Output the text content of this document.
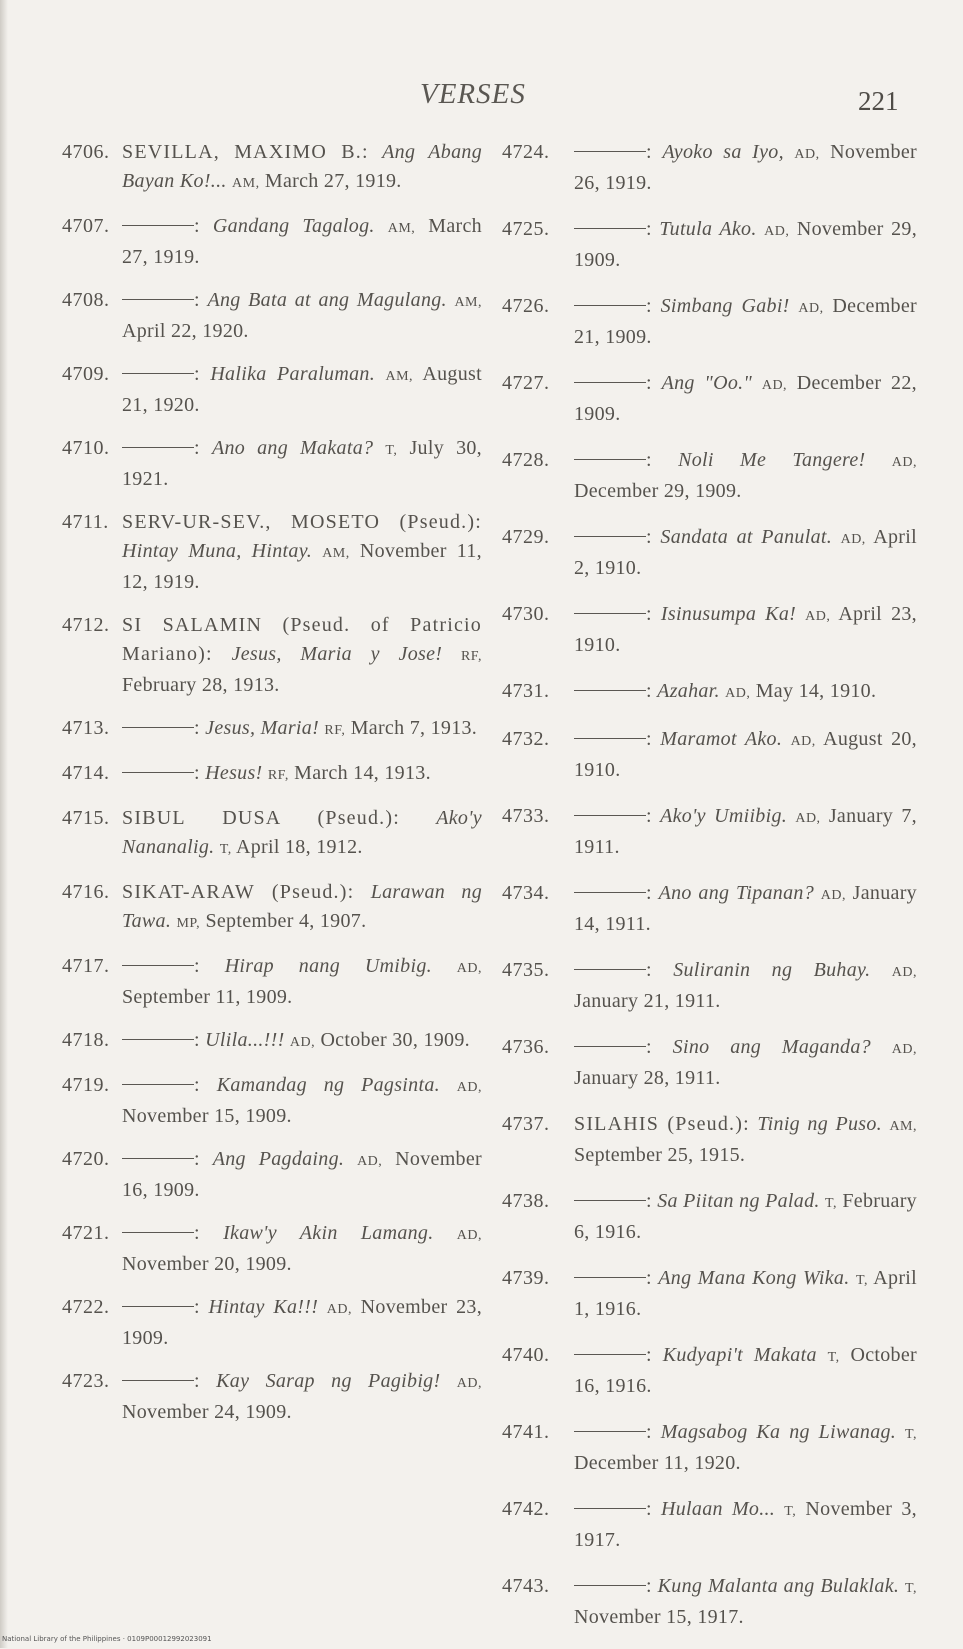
VERSES	221
4706. SEVILLA, MAXIMO B.: Ang Abang Bayan Ko!... AM, March 27, 1919.
4707.	: Gandang Tagalog. AM, March 27, 1919.
4708.	: Ang Bata at ang Magulang. AM, April 22, 1920.
4709.	: Halika Paraluman. AM, August 21, 1920.
4710.	: Ano ang Makata? T, July 30, 1921.
4711. SERV-UR-SEV., MOSETO (Pseud.): Hintay Muna, Hintay. AM, November 11, 12, 1919.
4712. SI SALAMIN (Pseud. of Patricio Mariano): Jesus, Maria y Jose! RF, February 28, 1913.
4713.	: Jesus, Maria! RF, March 7, 1913.
4714.	: Hesus! RF, March 14, 1913.
4715. SIBUL DUSA (Pseud.): Ako'y Nananalig. T, April 18, 1912.
4716. SIKAT-ARAW (Pseud.): Larawan ng Tawa. MP, September 4, 1907.
4717.	: Hirap nang Umibig. AD, September 11, 1909.
4718.	: Ulila...!!! AD, October 30, 1909.
4719.	: Kamandag ng Pagsinta. AD, November 15, 1909.
4720.	: Ang Pagdaing. AD, November 16, 1909.
4721.	: Ikaw'y Akin Lamang. AD, November 20, 1909.
4722.	: Hintay Ka!!! AD, November 23, 1909.
4723.	: Kay Sarap ng Pagibig! AD, November 24, 1909.
4724.	: Ayoko sa Iyo, AD, November 26, 1919.
4725.	: Tutula Ako. AD, November 29, 1909.
4726.	: Simbang Gabi! AD, December 21, 1909.
4727.	: Ang "Oo." AD, December 22, 1909.
4728.	: Noli Me Tangere! AD, December 29, 1909.
4729.	: Sandata at Panulat. AD, April 2, 1910.
4730.	: Isinusumpa Ka! AD, April 23, 1910.
4731.	: Azahar. AD, May 14, 1910.
4732.	: Maramot Ako. AD, August 20, 1910.
4733.	: Ako'y Umiibig. AD, January 7, 1911.
4734.	: Ano ang Tipanan? AD, January 14, 1911.
4735.	: Suliranin ng Buhay. AD, January 21, 1911.
4736.	: Sino ang Maganda? AD, January 28, 1911.
4737. SILAHIS (Pseud.): Tinig ng Puso. AM, September 25, 1915.
4738.	: Sa Piitan ng Palad. T, February 6, 1916.
4739.	: Ang Mana Kong Wika. T, April 1, 1916.
4740.	: Kudyapi't Makata T, October 16, 1916.
4741.	: Magsabog Ka ng Liwanag. T, December 11, 1920.
4742.	: Hulaan Mo... T, November 3, 1917.
4743.	: Kung Malanta ang Bulaklak. T, November 15, 1917.
National Library of the Philippines · 0109P00012992023091
